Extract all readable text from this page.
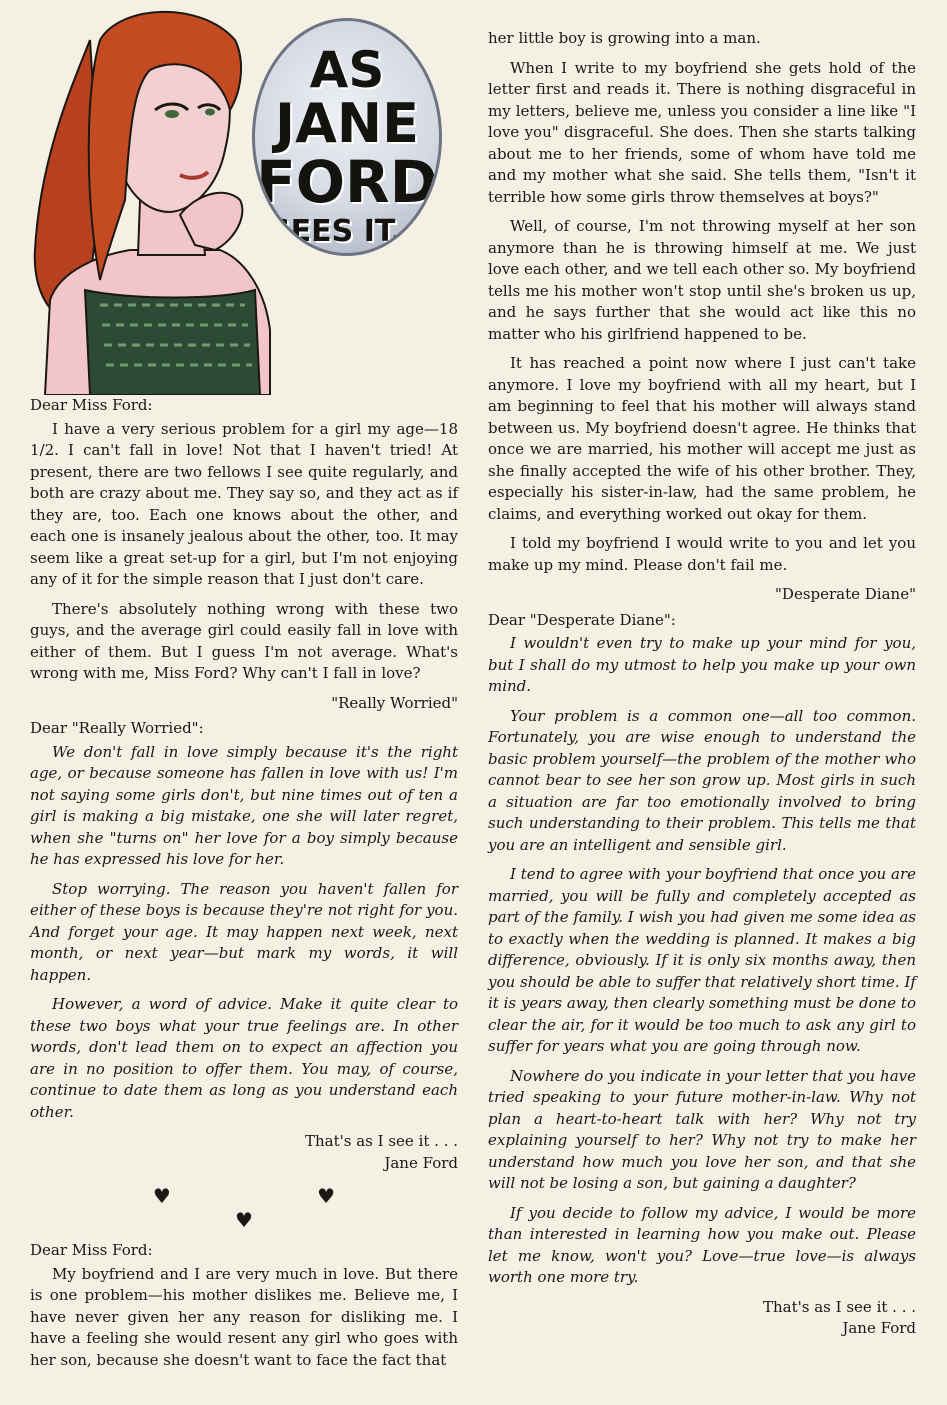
AS
JANE
FORD
SEES IT...

Dear Miss Ford:

I have a very serious problem for a girl my age—18 1/2. I can't fall in love! Not that I haven't tried! At present, there are two fellows I see quite regularly, and both are crazy about me. They say so, and they act as if they are, too. Each one knows about the other, and each one is insanely jealous about the other, too. It may seem like a great set-up for a girl, but I'm not enjoying any of it for the simple reason that I just don't care.

There's absolutely nothing wrong with these two guys, and the average girl could easily fall in love with either of them. But I guess I'm not average. What's wrong with me, Miss Ford? Why can't I fall in love?

"Really Worried"

Dear "Really Worried":

We don't fall in love simply because it's the right age, or because someone has fallen in love with us! I'm not saying some girls don't, but nine times out of ten a girl is making a big mistake, one she will later regret, when she "turns on" her love for a boy simply because he has expressed his love for her.

Stop worrying. The reason you haven't fallen for either of these boys is because they're not right for you. And forget your age. It may happen next week, next month, or next year—but mark my words, it will happen.

However, a word of advice. Make it quite clear to these two boys what your true feelings are. In other words, don't lead them on to expect an affection you are in no position to offer them. You may, of course, continue to date them as long as you understand each other.

That's as I see it . . .

Jane Ford

♥ ♥ ♥

Dear Miss Ford:

My boyfriend and I are very much in love. But there is one problem—his mother dislikes me. Believe me, I have never given her any reason for disliking me. I have a feeling she would resent any girl who goes with her son, because she doesn't want to face the fact that

her little boy is growing into a man.

When I write to my boyfriend she gets hold of the letter first and reads it. There is nothing disgraceful in my letters, believe me, unless you consider a line like "I love you" disgraceful. She does. Then she starts talking about me to her friends, some of whom have told me and my mother what she said. She tells them, "Isn't it terrible how some girls throw themselves at boys?"

Well, of course, I'm not throwing myself at her son anymore than he is throwing himself at me. We just love each other, and we tell each other so. My boyfriend tells me his mother won't stop until she's broken us up, and he says further that she would act like this no matter who his girlfriend happened to be.

It has reached a point now where I just can't take anymore. I love my boyfriend with all my heart, but I am beginning to feel that his mother will always stand between us. My boyfriend doesn't agree. He thinks that once we are married, his mother will accept me just as she finally accepted the wife of his other brother. They, especially his sister-in-law, had the same problem, he claims, and everything worked out okay for them.

I told my boyfriend I would write to you and let you make up my mind. Please don't fail me.

"Desperate Diane"

Dear "Desperate Diane":

I wouldn't even try to make up your mind for you, but I shall do my utmost to help you make up your own mind.

Your problem is a common one—all too common. Fortunately, you are wise enough to understand the basic problem yourself—the problem of the mother who cannot bear to see her son grow up. Most girls in such a situation are far too emotionally involved to bring such understanding to their problem. This tells me that you are an intelligent and sensible girl.

I tend to agree with your boyfriend that once you are married, you will be fully and completely accepted as part of the family. I wish you had given me some idea as to exactly when the wedding is planned. It makes a big difference, obviously. If it is only six months away, then you should be able to suffer that relatively short time. If it is years away, then clearly something must be done to clear the air, for it would be too much to ask any girl to suffer for years what you are going through now.

Nowhere do you indicate in your letter that you have tried speaking to your future mother-in-law. Why not plan a heart-to-heart talk with her? Why not try explaining yourself to her? Why not try to make her understand how much you love her son, and that she will not be losing a son, but gaining a daughter?

If you decide to follow my advice, I would be more than interested in learning how you make out. Please let me know, won't you? Love—true love—is always worth one more try.

That's as I see it . . .

Jane Ford
